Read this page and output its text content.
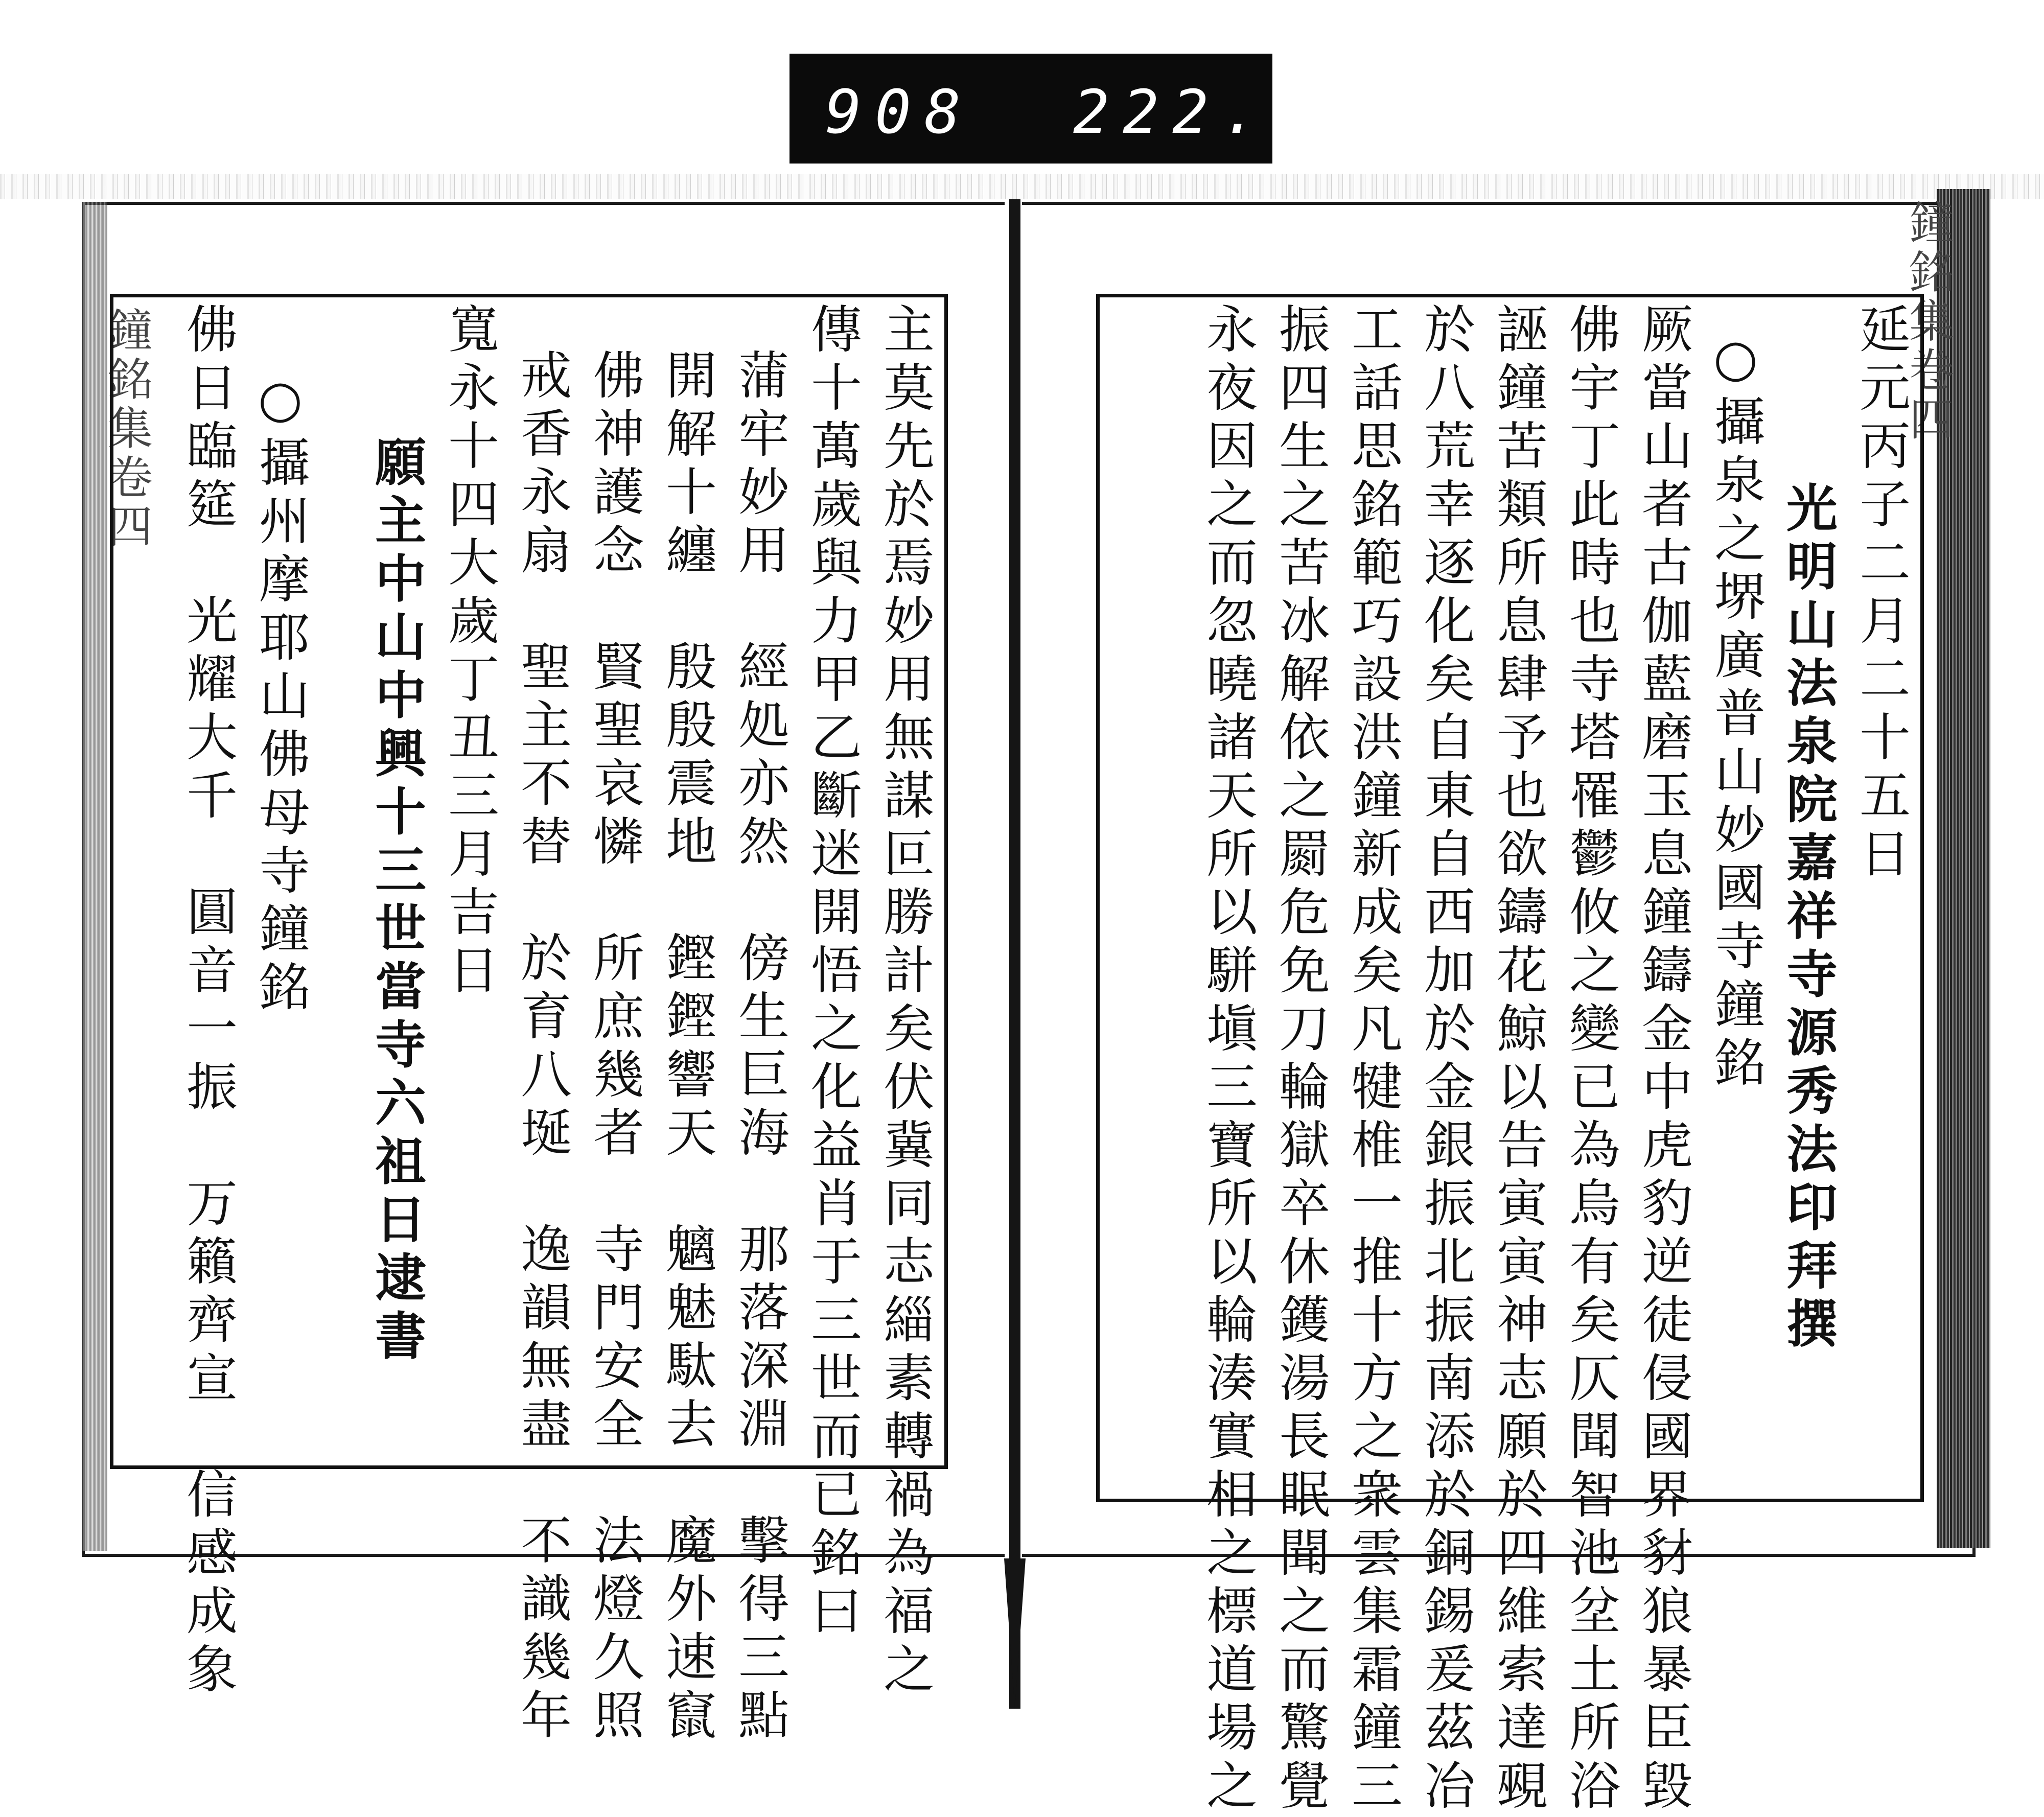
908 222.
鐘銘集卷四	鐘銘集卷四
主莫先於焉妙用無謀叵勝計矣伏冀同志緇素轉禍為福之
傳十萬歲與力甲乙斷迷開悟之化益肖于三世而已銘曰
蒲牢妙用　經処亦然　傍生巨海　那落深淵　擊得三點
開解十纏　殷殷震地　鏗鏗響天　魑魅駄去　魔外速竄
佛神護念　賢聖哀憐　所庶幾者　寺門安全　法燈久照
戒香永扇　聖主不替　於育八埏　逸韻無盡　不識幾年
寬永十四大歲丁丑三月吉日
願主中山中興十三世當寺六祖日逮書
○攝州摩耶山佛母寺鐘銘
佛日臨筵　光耀大千　圓音一振　万籟齊宣　信感成象	延元丙子二月二十五日
光明山法泉院嘉祥寺源秀法印拜撰
○攝泉之堺廣普山妙國寺鐘銘
厥當山者古伽藍磨玉息鐘鑄金中虎豹逆徒侵國界豺狼暴臣毀
佛宇丁此時也寺塔罹鬱攸之變已為烏有矣仄聞智池坌土所浴
誣鐘苦類所息肆予也欲鑄花鯨以告寅寅神志願於四維索達覡
於八荒幸逐化矣自東自西加於金銀振北振南添於銅錫爰茲冶
工話思銘範巧設洪鐘新成矣凡犍椎一推十方之衆雲集霜鐘三
振四生之苦冰解依之罽危免刀輪獄卒休鑊湯長眠聞之而驚覺
永夜因之而忽曉諸天所以駢塡三寶所以輪湊實相之標道場之
